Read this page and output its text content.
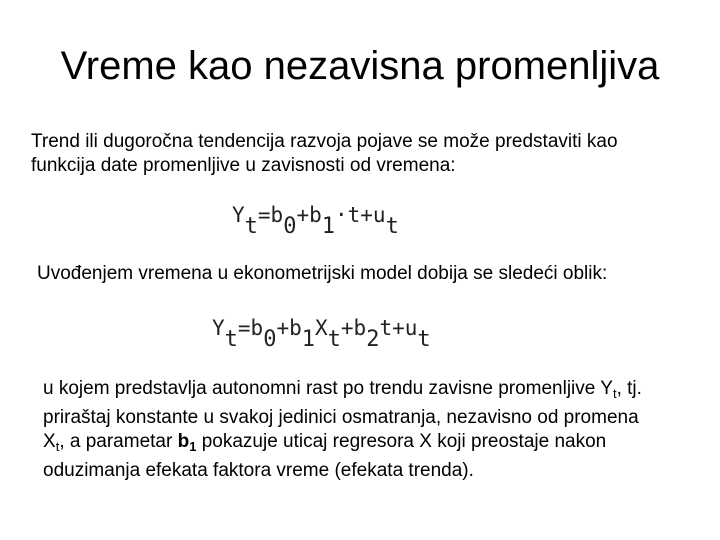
Vreme kao nezavisna promenljiva
Trend ili dugoročna tendencija razvoja pojave se može predstaviti kao
funkcija date promenljive u zavisnosti od vremena:
Yt=b0+b1·t+ut
Uvođenjem vremena u ekonometrijski model dobija se sledeći oblik:
Yt=b0+b1Xt+b2t+ut
u kojem predstavlja autonomni rast po trendu zavisne promenljive $Y_t$, tj.
priraštaj konstante u svakoj jedinici osmatranja, nezavisno od promena
$X_t$, a parametar $b_1$ pokazuje uticaj regresora X koji preostaje nakon
oduzimanja efekata faktora vreme (efekata trenda).
